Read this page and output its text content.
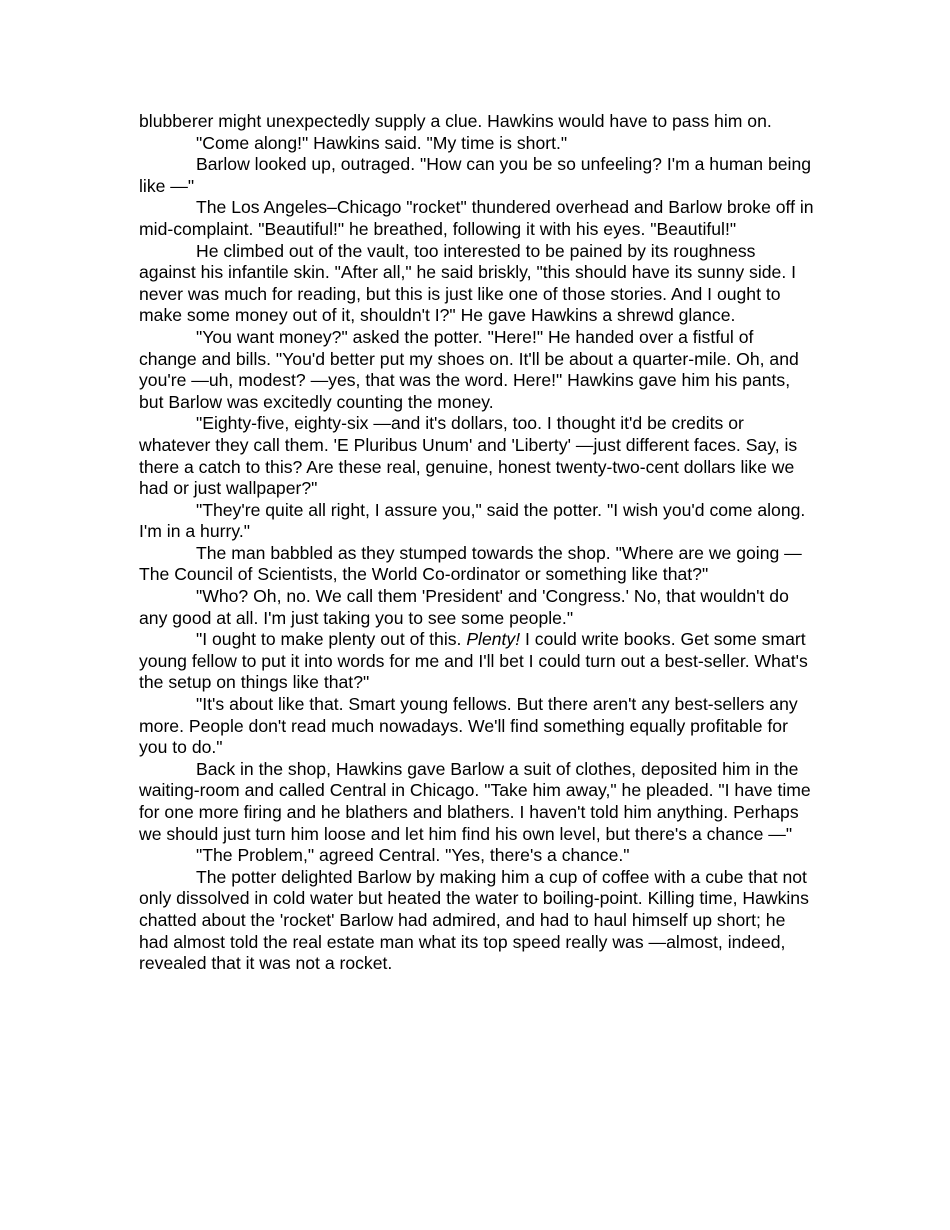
blubberer might unexpectedly supply a clue. Hawkins would have to pass him on.

"Come along!" Hawkins said. "My time is short."

Barlow looked up, outraged. "How can you be so unfeeling? I'm a human being like —"

The Los Angeles–Chicago "rocket" thundered overhead and Barlow broke off in mid-complaint. "Beautiful!" he breathed, following it with his eyes. "Beautiful!"

He climbed out of the vault, too interested to be pained by its roughness against his infantile skin. "After all," he said briskly, "this should have its sunny side. I never was much for reading, but this is just like one of those stories. And I ought to make some money out of it, shouldn't I?" He gave Hawkins a shrewd glance.

"You want money?" asked the potter. "Here!" He handed over a fistful of change and bills. "You'd better put my shoes on. It'll be about a quarter-mile. Oh, and you're —uh, modest? —yes, that was the word. Here!" Hawkins gave him his pants, but Barlow was excitedly counting the money.

"Eighty-five, eighty-six —and it's dollars, too. I thought it'd be credits or whatever they call them. 'E Pluribus Unum' and 'Liberty' —just different faces. Say, is there a catch to this? Are these real, genuine, honest twenty-two-cent dollars like we had or just wallpaper?"

"They're quite all right, I assure you," said the potter. "I wish you'd come along. I'm in a hurry."

The man babbled as they stumped towards the shop. "Where are we going —The Council of Scientists, the World Co-ordinator or something like that?"

"Who? Oh, no. We call them 'President' and 'Congress.' No, that wouldn't do any good at all. I'm just taking you to see some people."

"I ought to make plenty out of this. Plenty! I could write books. Get some smart young fellow to put it into words for me and I'll bet I could turn out a best-seller. What's the setup on things like that?"

"It's about like that. Smart young fellows. But there aren't any best-sellers any more. People don't read much nowadays. We'll find something equally profitable for you to do."

Back in the shop, Hawkins gave Barlow a suit of clothes, deposited him in the waiting-room and called Central in Chicago. "Take him away," he pleaded. "I have time for one more firing and he blathers and blathers. I haven't told him anything. Perhaps we should just turn him loose and let him find his own level, but there's a chance —"

"The Problem," agreed Central. "Yes, there's a chance."

The potter delighted Barlow by making him a cup of coffee with a cube that not only dissolved in cold water but heated the water to boiling-point. Killing time, Hawkins chatted about the 'rocket' Barlow had admired, and had to haul himself up short; he had almost told the real estate man what its top speed really was —almost, indeed, revealed that it was not a rocket.
